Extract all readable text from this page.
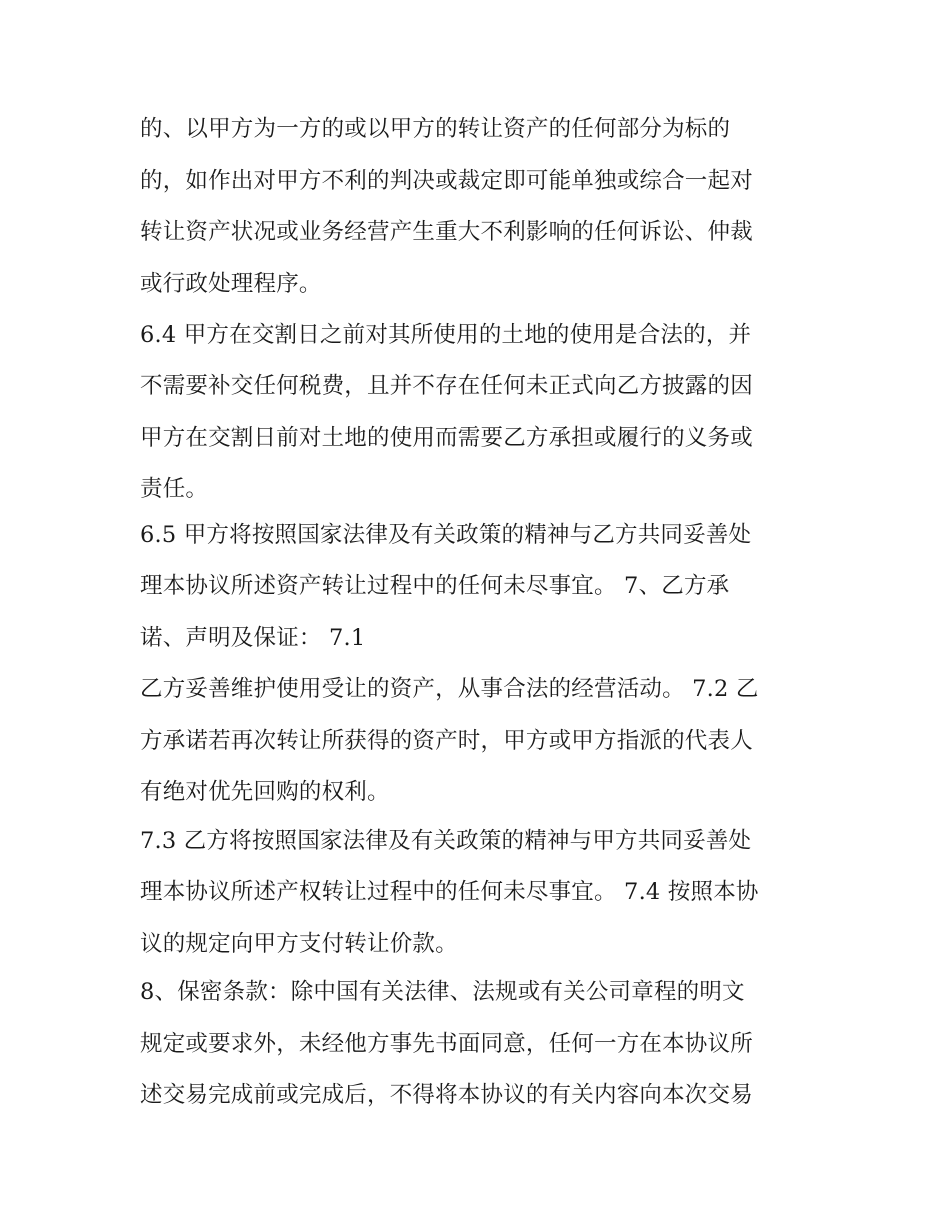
的、以甲方为一方的或以甲方的转让资产的任何部分为标的
的，如作出对甲方不利的判决或裁定即可能单独或综合一起对
转让资产状况或业务经营产生重大不利影响的任何诉讼、仲裁
或行政处理程序。
6.4 甲方在交割日之前对其所使用的土地的使用是合法的，并
不需要补交任何税费，且并不存在任何未正式向乙方披露的因
甲方在交割日前对土地的使用而需要乙方承担或履行的义务或
责任。
6.5 甲方将按照国家法律及有关政策的精神与乙方共同妥善处
理本协议所述资产转让过程中的任何未尽事宜。 7、乙方承
诺、声明及保证： 7.1
乙方妥善维护使用受让的资产，从事合法的经营活动。 7.2 乙
方承诺若再次转让所获得的资产时，甲方或甲方指派的代表人
有绝对优先回购的权利。
7.3 乙方将按照国家法律及有关政策的精神与甲方共同妥善处
理本协议所述产权转让过程中的任何未尽事宜。 7.4 按照本协
议的规定向甲方支付转让价款。
8、保密条款：除中国有关法律、法规或有关公司章程的明文
规定或要求外，未经他方事先书面同意，任何一方在本协议所
述交易完成前或完成后，不得将本协议的有关内容向本次交易
